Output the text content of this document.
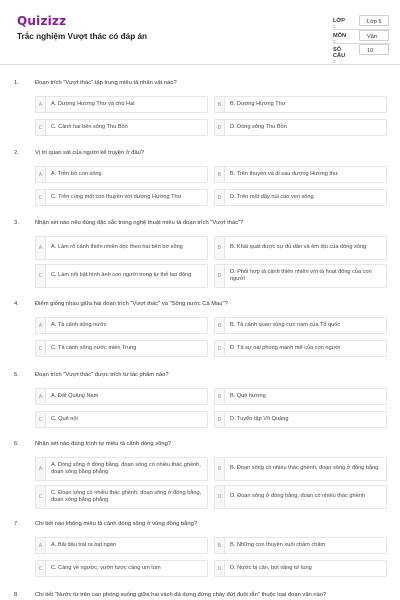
Quizizz
Trắc nghiệm Vượt thác có đáp án
LỚP :
Lớp 6
MÔN :
Văn
SỐ CÂU :
10
1.	Đoạn trích "Vượt thác" tập trung miêu tả nhân vật nào?
A	A. Dượng Hương Thư và chú Hai	B	B. Dượng Hương Thư
C	C. Cảnh hai bên sông Thu Bồn	D	D. Dòng sông Thu Bồn
2.	Vị trí quan sát của người kể truyện ở đâu?
A	A. Trên bờ con sông	B	B. Trên thuyền và đi sau dượng Hương thư
C	C. Trên cùng một con thuyền với dượng Hương Thư	D	D. Trên một dãy núi cao ven sông
3.	Nhận xét nào nêu đúng đặc sắc trong nghệ thuật miêu tả đoạn trích "Vượt thác"?
A	A. Làm rõ cảnh thiên nhiên dọc theo hai bên bờ sông	B	B. Khái quát được sự đủ dân và êm dịu của dòng sông
C	C. Làm nổi bật hình ảnh con người trong tư thế lao động	D
D. Phối hợp tả cảnh thiên nhiên với tả hoạt động của con người
4.	Điểm giống nhau giữa hai đoạn trích "Vượt thác" và "Sông nước Cà Mau"?
A	A. Tả cảnh sông nước	B	B. Tả cảnh quan vùng cực nam của Tổ quốc
C	C. Tả cảnh sông nước miền Trung	D	D. Tả sự oai phong mạnh mẽ của con người
5.	Đoạn trích "Vượt thác" được trích từ tác phẩm nào?
A	A. Đất Quảng Nam	B	B. Quê hương
C	C. Quê nội	D	D. Tuyển tập Võ Quảng
6.	Nhận xét nào đúng trình tự miêu tả cảnh dòng sông?
A
A. Dòng sông ở đồng bằng, đoạn sông có nhiều thác ghềnh, đoạn sông bằng phẳng	B	B. Đoạn sông có nhiều thác ghềnh, đoạn sông ở đồng bằng
C
C. Đoạn sông có nhiều thác ghềnh, đoạn sông ở đồng bằng, đoạn sông bằng phẳng	D	D. Đoạn sông ở đồng bằng, đoạn có nhiều thác ghềnh
7.	Chi tiết nào không miêu tả cảnh dòng sông ở vùng đồng bằng?
A	A. Bãi dâu trải ra bạt ngàn	B	B. Những con thuyền xuôi chầm chậm
C	C. Càng về ngược, vườn tược càng um tùm	D	D. Nước bị cản, bọt văng tứ tung
8.	Chi tiết "Nước từ trên cao phóng xuống giữa hai vách đá dựng đứng chảy đứt đuôi rắn" thuộc loại đoạn văn nào?
